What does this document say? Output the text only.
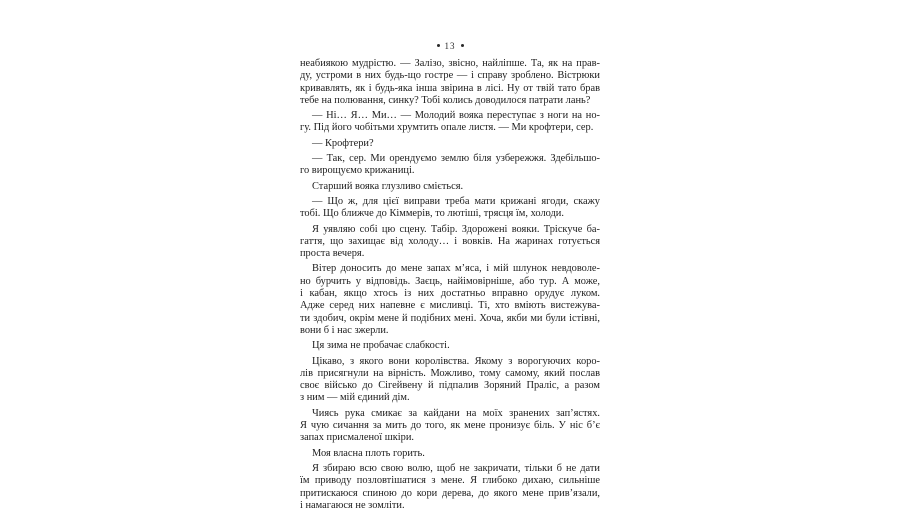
13
неабиякою мудрістю. — Залізо, звісно, найліпше. Та, як на прав-
ду, устроми в них будь-що гостре — і справу зроблено. Вістрюки
кривавлять, як і будь-яка інша звірина в лісі. Ну от твій тато брав
тебе на полювання, синку? Тобі колись доводилося патрати лань?
— Ні… Я… Ми… — Молодий вояка переступає з ноги на но-
гу. Під його чобітьми хрумтить опале листя. — Ми крофтери, сер.
— Крофтери?
— Так, сер. Ми орендуємо землю біля узбережжя. Здебільшо-
го вирощуємо крижаниці.
Старший вояка глузливо сміється.
— Що ж, для цієї виправи треба мати крижані ягоди, скажу
тобі. Що ближче до Кіммерів, то лютіші, трясця їм, холоди.
Я уявляю собі цю сцену. Табір. Здорожені вояки. Тріскуче ба-
гаття, що захищає від холоду… і вовків. На жаринах готується
проста вечеря.
Вітер доносить до мене запах м’яса, і мій шлунок невдоволе-
но бурчить у відповідь. Заєць, найімовірніше, або тур. А може,
і кабан, якщо хтось із них достатньо вправно орудує луком.
Адже серед них напевне є мисливці. Ті, хто вміють вистежува-
ти здобич, окрім мене й подібних мені. Хоча, якби ми були істівні,
вони б і нас зжерли.
Ця зима не пробачає слабкості.
Цікаво, з якого вони королівства. Якому з ворогуючих коро-
лів присягнули на вірність. Можливо, тому самому, який послав
своє військо до Сігейвену й підпалив Зоряний Праліс, а разом
з ним — мій єдиний дім.
Чиясь рука смикає за кайдани на моїх зранених зап’ястях.
Я чую сичання за мить до того, як мене пронизує біль. У ніс б’є
запах присмаленої шкіри.
Моя власна плоть горить.
Я збираю всю свою волю, щоб не закричати, тільки б не дати
їм приводу позловтішатися з мене. Я глибоко дихаю, сильніше
притискаюся спиною до кори дерева, до якого мене прив’язали,
і намагаюся не зомліти.
